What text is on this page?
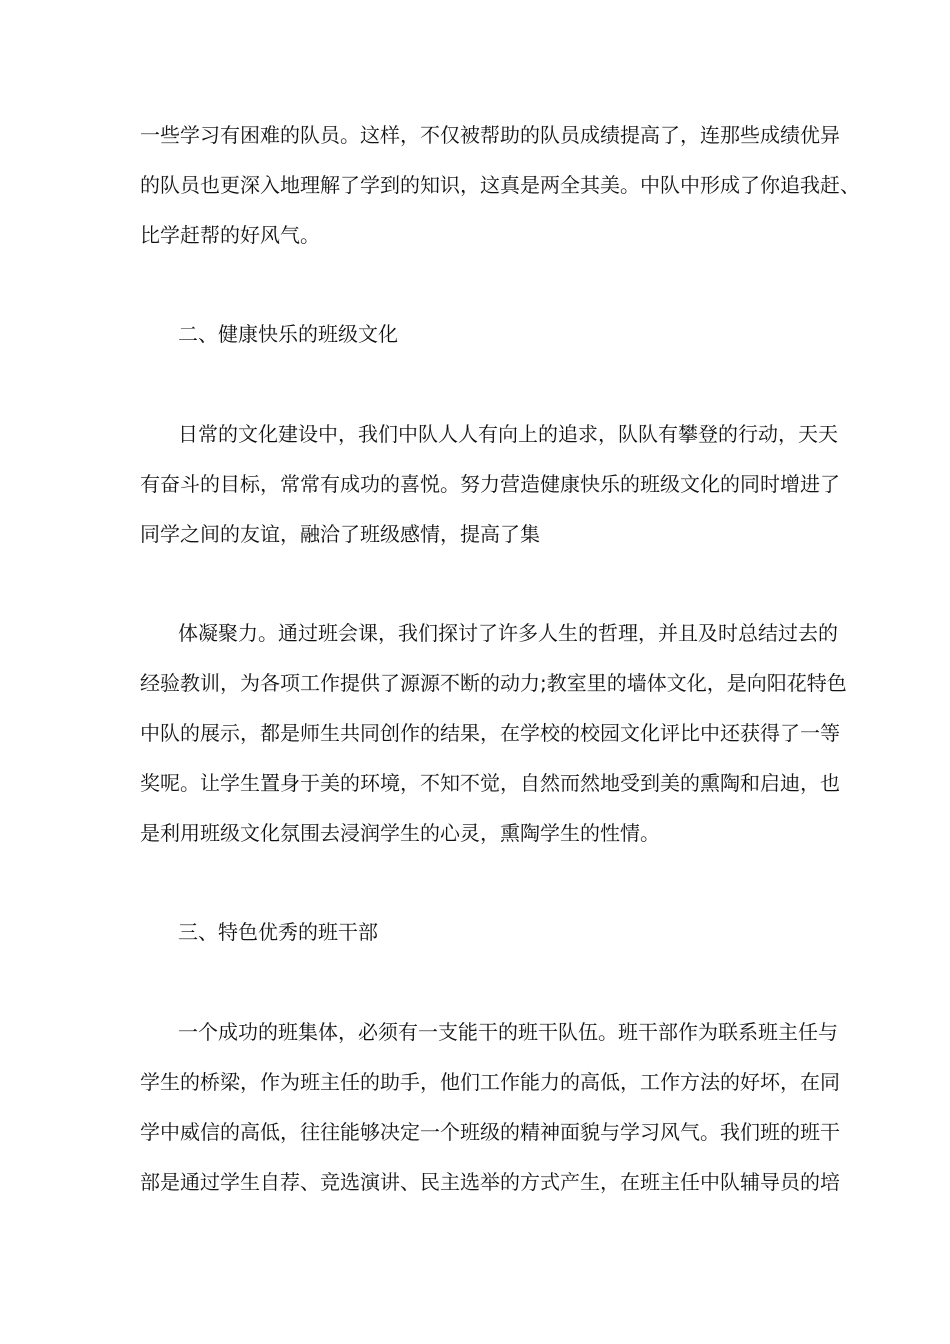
一些学习有困难的队员。这样，不仅被帮助的队员成绩提高了，连那些成绩优异
的队员也更深入地理解了学到的知识，这真是两全其美。中队中形成了你追我赶、
比学赶帮的好风气。
二、健康快乐的班级文化
日常的文化建设中，我们中队人人有向上的追求，队队有攀登的行动，天天
有奋斗的目标，常常有成功的喜悦。努力营造健康快乐的班级文化的同时增进了
同学之间的友谊，融洽了班级感情，提高了集
体凝聚力。通过班会课，我们探讨了许多人生的哲理，并且及时总结过去的
经验教训，为各项工作提供了源源不断的动力;教室里的墙体文化，是向阳花特色
中队的展示，都是师生共同创作的结果，在学校的校园文化评比中还获得了一等
奖呢。让学生置身于美的环境，不知不觉，自然而然地受到美的熏陶和启迪，也
是利用班级文化氛围去浸润学生的心灵，熏陶学生的性情。
三、特色优秀的班干部
一个成功的班集体，必须有一支能干的班干队伍。班干部作为联系班主任与
学生的桥梁，作为班主任的助手，他们工作能力的高低，工作方法的好坏，在同
学中威信的高低，往往能够决定一个班级的精神面貌与学习风气。我们班的班干
部是通过学生自荐、竞选演讲、民主选举的方式产生，在班主任中队辅导员的培
